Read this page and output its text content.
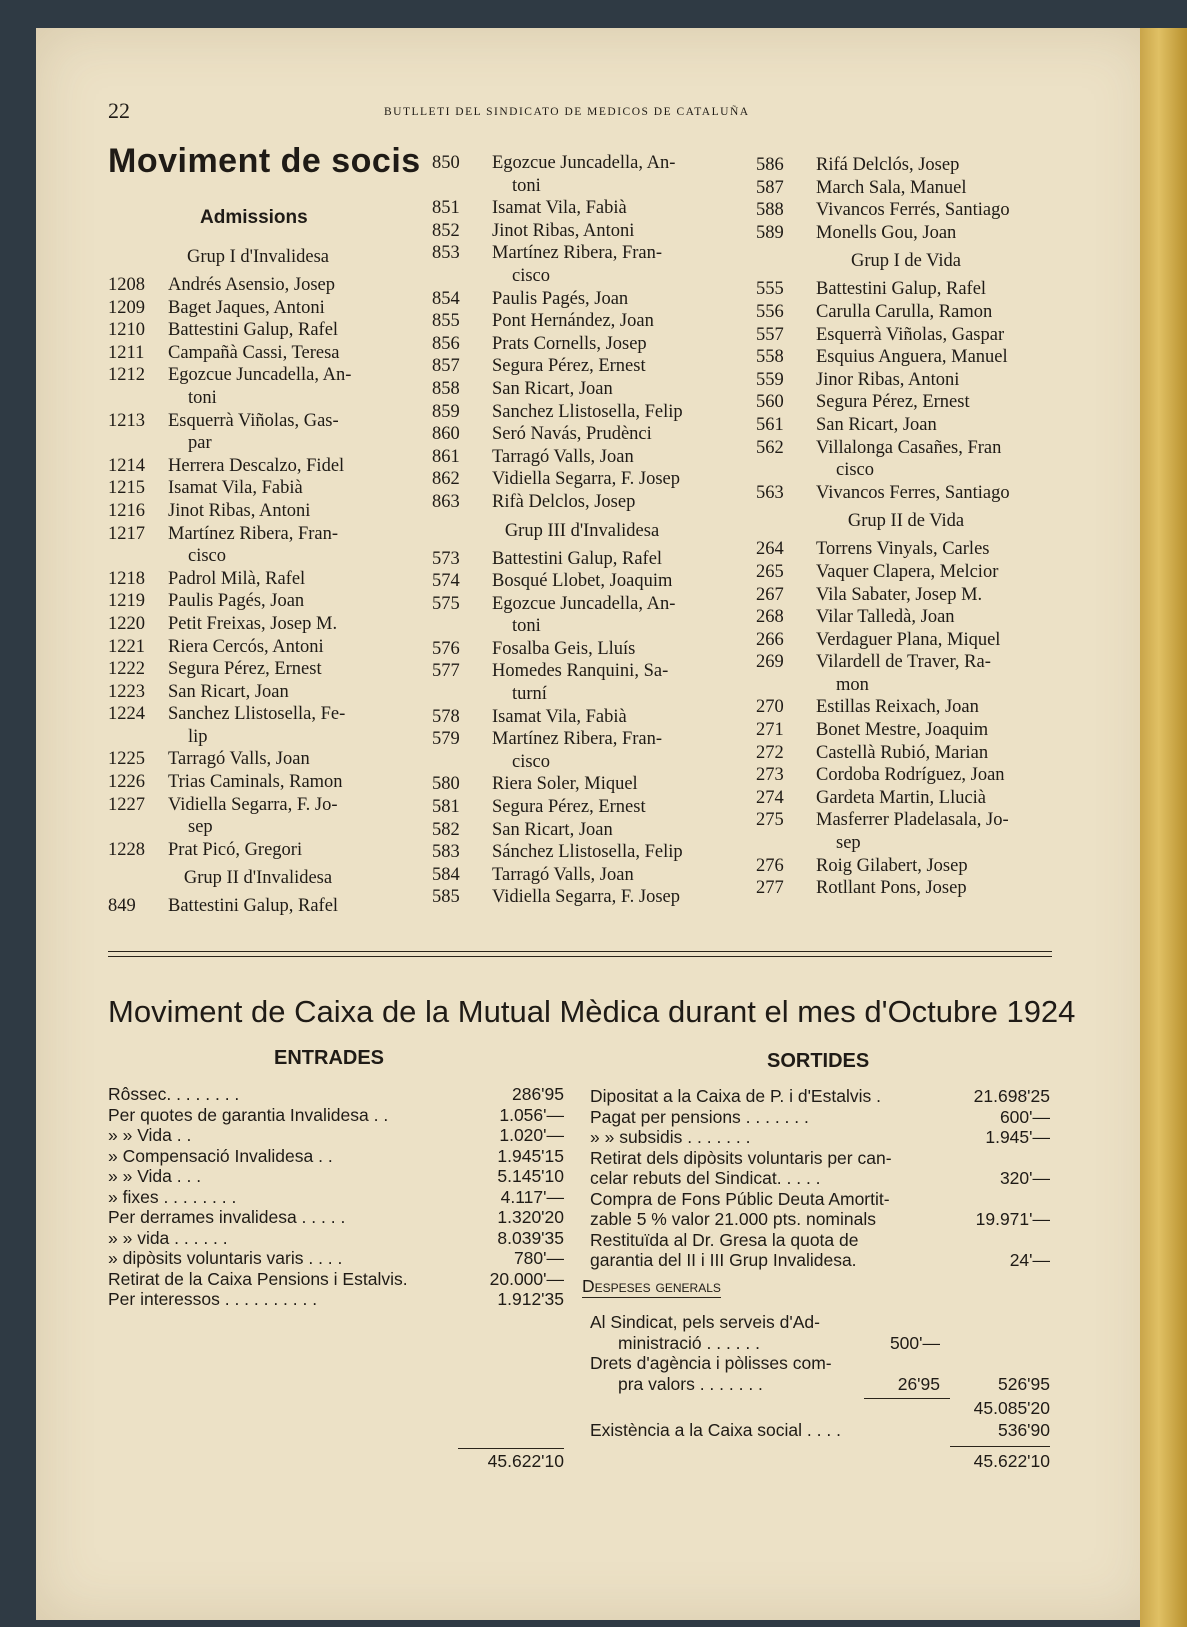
22	BUTLLETI DEL SINDICATO DE MEDICOS DE CATALUÑA
Moviment de socis
Admissions
Grup I d'Invalidesa
1208	Andrés Asensio, Josep
1209	Baget Jaques, Antoni
1210	Battestini Galup, Rafel
1211	Campañà Cassi, Teresa
1212	Egozcue Juncadella, An-
toni
1213	Esquerrà Viñolas, Gas-
par
1214	Herrera Descalzo, Fidel
1215	Isamat Vila, Fabià
1216	Jinot Ribas, Antoni
1217	Martínez Ribera, Fran-
cisco
1218	Padrol Milà, Rafel
1219	Paulis Pagés, Joan
1220	Petit Freixas, Josep M.
1221	Riera Cercós, Antoni
1222	Segura Pérez, Ernest
1223	San Ricart, Joan
1224	Sanchez Llistosella, Fe-
lip
1225	Tarragó Valls, Joan
1226	Trias Caminals, Ramon
1227	Vidiella Segarra, F. Jo-
sep
1228	Prat Picó, Gregori
Grup II d'Invalidesa
849	Battestini Galup, Rafel
850	Egozcue Juncadella, An-
toni
851	Isamat Vila, Fabià
852	Jinot Ribas, Antoni
853	Martínez Ribera, Fran-
cisco
854	Paulis Pagés, Joan
855	Pont Hernández, Joan
856	Prats Cornells, Josep
857	Segura Pérez, Ernest
858	San Ricart, Joan
859	Sanchez Llistosella, Felip
860	Seró Navás, Prudènci
861	Tarragó Valls, Joan
862	Vidiella Segarra, F. Josep
863	Rifà Delclos, Josep
Grup III d'Invalidesa
573	Battestini Galup, Rafel
574	Bosqué Llobet, Joaquim
575	Egozcue Juncadella, An-
toni
576	Fosalba Geis, Lluís
577	Homedes Ranquini, Sa-
turní
578	Isamat Vila, Fabià
579	Martínez Ribera, Fran-
cisco
580	Riera Soler, Miquel
581	Segura Pérez, Ernest
582	San Ricart, Joan
583	Sánchez Llistosella, Felip
584	Tarragó Valls, Joan
585	Vidiella Segarra, F. Josep
586	Rifá Delclós, Josep
587	March Sala, Manuel
588	Vivancos Ferrés, Santiago
589	Monells Gou, Joan
Grup I de Vida
555	Battestini Galup, Rafel
556	Carulla Carulla, Ramon
557	Esquerrà Viñolas, Gaspar
558	Esquius Anguera, Manuel
559	Jinor Ribas, Antoni
560	Segura Pérez, Ernest
561	San Ricart, Joan
562	Villalonga Casañes, Fran
cisco
563	Vivancos Ferres, Santiago
Grup II de Vida
264	Torrens Vinyals, Carles
265	Vaquer Clapera, Melcior
267	Vila Sabater, Josep M.
268	Vilar Talledà, Joan
266	Verdaguer Plana, Miquel
269	Vilardell de Traver, Ra-
mon
270	Estillas Reixach, Joan
271	Bonet Mestre, Joaquim
272	Castellà Rubió, Marian
273	Cordoba Rodríguez, Joan
274	Gardeta Martin, Llucià
275	Masferrer Pladelasala, Jo-
sep
276	Roig Gilabert, Josep
277	Rotllant Pons, Josep
Moviment de Caixa de la Mutual Mèdica durant el mes d'Octubre 1924
ENTRADES	SORTIDES
Rôssec. . . . . . . .	286'95
Per quotes de garantia Invalidesa . .	1.056'—
» » Vida . .	1.020'—
» Compensació Invalidesa . .	1.945'15
» » Vida . . .	5.145'10
» fixes . . . . . . . .	4.117'—
Per derrames invalidesa . . . . .	1.320'20
» » vida . . . . . .	8.039'35
» dipòsits voluntaris varis . . . .	780'—
Retirat de la Caixa Pensions i Estalvis.	20.000'—
Per interessos . . . . . . . . . .	1.912'35
Dipositat a la Caixa de P. i d'Estalvis .	21.698'25
Pagat per pensions . . . . . . .	600'—
» » subsidis . . . . . . .	1.945'—
Retirat dels dipòsits voluntaris per can-
celar rebuts del Sindicat. . . . .	320'—
Compra de Fons Públic Deuta Amortit-
zable 5 % valor 21.000 pts. nominals	19.971'—
Restituïda al Dr. Gresa la quota de
garantia del II i III Grup Invalidesa.	24'—
Despeses generals
Al Sindicat, pels serveis d'Ad-
ministració . . . . . .	500'—
Drets d'agència i pòlisses com-
pra valors . . . . . . .	26'95	526'95
45.085'20
Existència a la Caixa social . . . .	536'90
45.622'10	45.622'10
